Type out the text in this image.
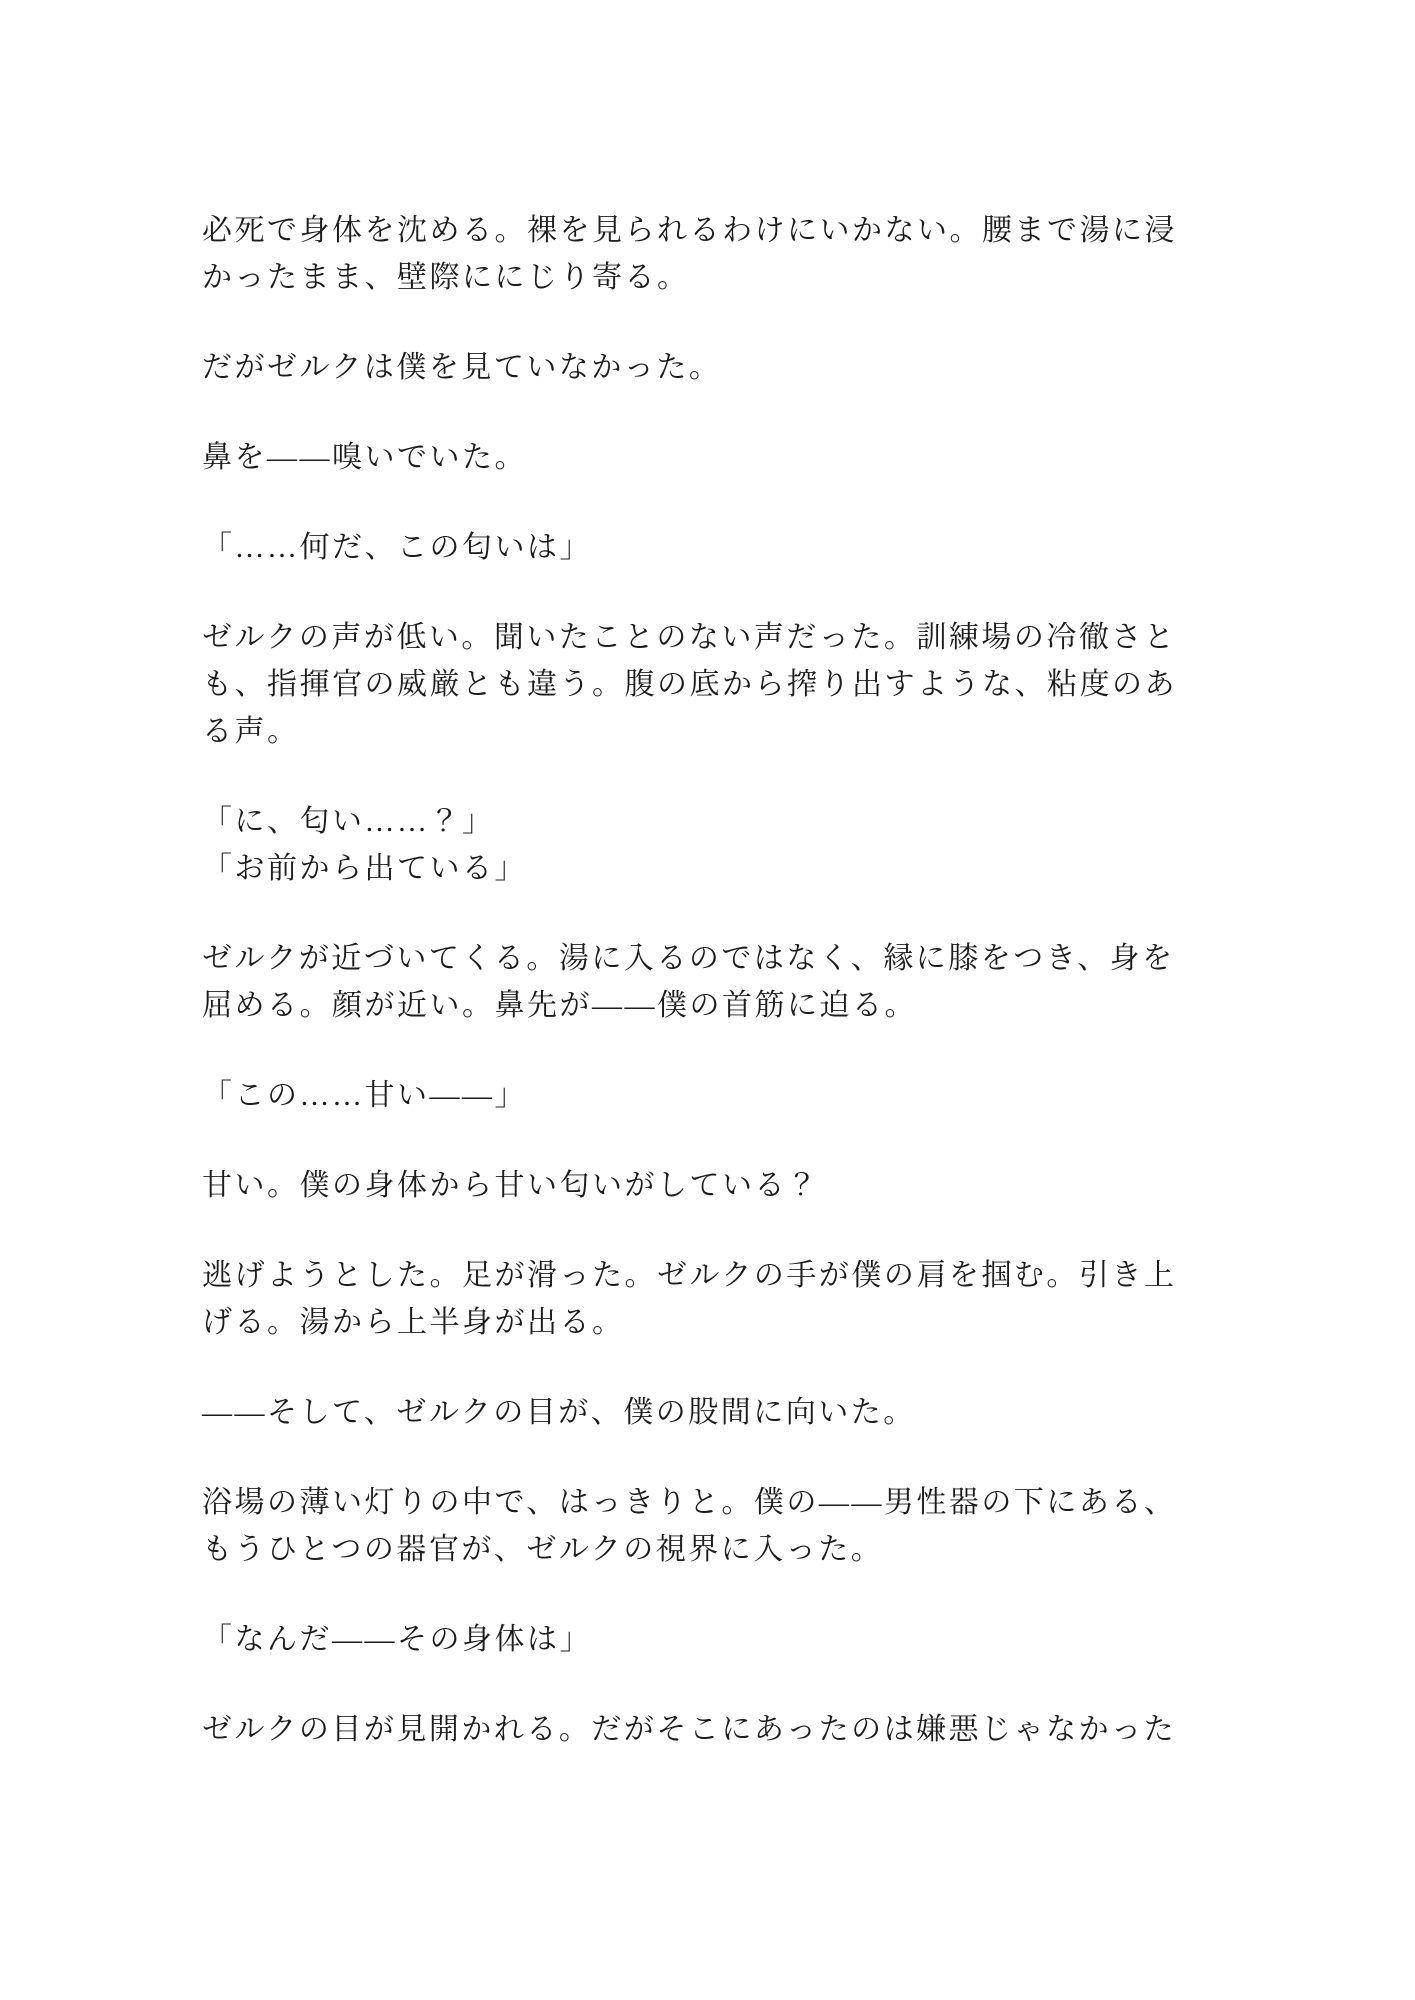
必死で身体を沈める。裸を見られるわけにいかない。腰まで湯に浸
かったまま、壁際ににじり寄る。

だがゼルクは僕を見ていなかった。

鼻を——嗅いでいた。

「……何だ、この匂いは」

ゼルクの声が低い。聞いたことのない声だった。訓練場の冷徹さと
も、指揮官の威厳とも違う。腹の底から搾り出すような、粘度のあ
る声。

「に、匂い……？」
「お前から出ている」

ゼルクが近づいてくる。湯に入るのではなく、縁に膝をつき、身を
屈める。顔が近い。鼻先が——僕の首筋に迫る。

「この……甘い——」

甘い。僕の身体から甘い匂いがしている？

逃げようとした。足が滑った。ゼルクの手が僕の肩を掴む。引き上
げる。湯から上半身が出る。

——そして、ゼルクの目が、僕の股間に向いた。

浴場の薄い灯りの中で、はっきりと。僕の——男性器の下にある、
もうひとつの器官が、ゼルクの視界に入った。

「なんだ——その身体は」

ゼルクの目が見開かれる。だがそこにあったのは嫌悪じゃなかった
